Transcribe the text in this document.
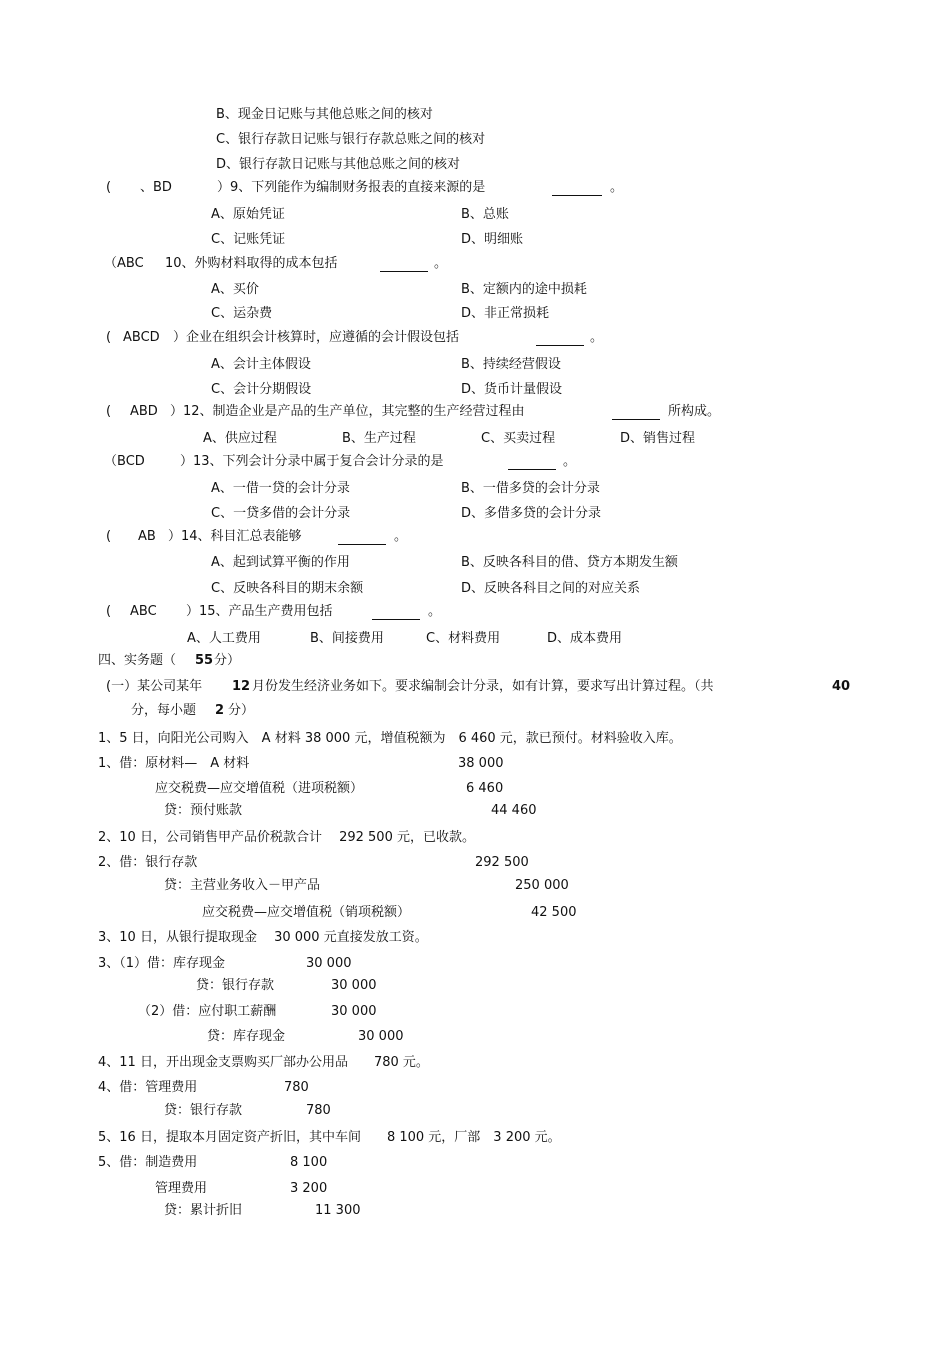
B、现金日记账与其他总账之间的核对
C、银行存款日记账与银行存款总账之间的核对
D、银行存款日记账与其他总账之间的核对
( 、BD	）9、下列能作为编制财务报表的直接来源的是	。
A、原始凭证	B、总账
C、记账凭证	D、明细账
（ABC 10、外购材料取得的成本包括	。
A、买价	B、定额内的途中损耗
C、运杂费	D、非正常损耗
( ABCD ）企业在组织会计核算时，应遵循的会计假设包括	。
A、会计主体假设	B、持续经营假设
C、会计分期假设	D、货币计量假设
( ABD ）12、制造企业是产品的生产单位，其完整的生产经营过程由	所构成。
A、供应过程	B、生产过程	C、买卖过程	D、销售过程
（BCD	）13、下列会计分录中属于复合会计分录的是	。
A、一借一贷的会计分录	B、一借多贷的会计分录
C、一贷多借的会计分录	D、多借多贷的会计分录
( AB ）14、科目汇总表能够	。
A、起到试算平衡的作用	B、反映各科目的借、贷方本期发生额
C、反映各科目的期末余额	D、反映各科目之间的对应关系
( ABC ）15、产品生产费用包括	。
A、人工费用	B、间接费用	C、材料费用	D、成本费用
四、实务题（ 55 分）
(一）某公司某年 12 月份发生经济业务如下。要求编制会计分录，如有计算，要求写出计算过程。（共	40
分，每小题 2 分）
1、5 日，向阳光公司购入　A 材料 38 000 元，增值税额为　6 460 元，款已预付。材料验收入库。
1、借：原材料—　A 材料	38 000
应交税费—应交增值税（进项税额）	6 460
贷：预付账款	44 460
2、10 日，公司销售甲产品价税款合计　 292 500 元，已收款。
2、借：银行存款	292 500
贷：主营业务收入－甲产品	250 000
应交税费—应交增值税（销项税额）	42 500
3、10 日，从银行提取现金　 30 000 元直接发放工资。
3、（1）借：库存现金	30 000
贷：银行存款	30 000
（2）借：应付职工薪酬	30 000
贷：库存现金	30 000
4、11 日，开出现金支票购买厂部办公用品　　780 元。
4、借：管理费用	780
贷：银行存款	780
5、16 日，提取本月固定资产折旧，其中车间　　8 100 元，厂部　3 200 元。
5、借：制造费用	8 100
管理费用	3 200
贷：累计折旧	11 300
